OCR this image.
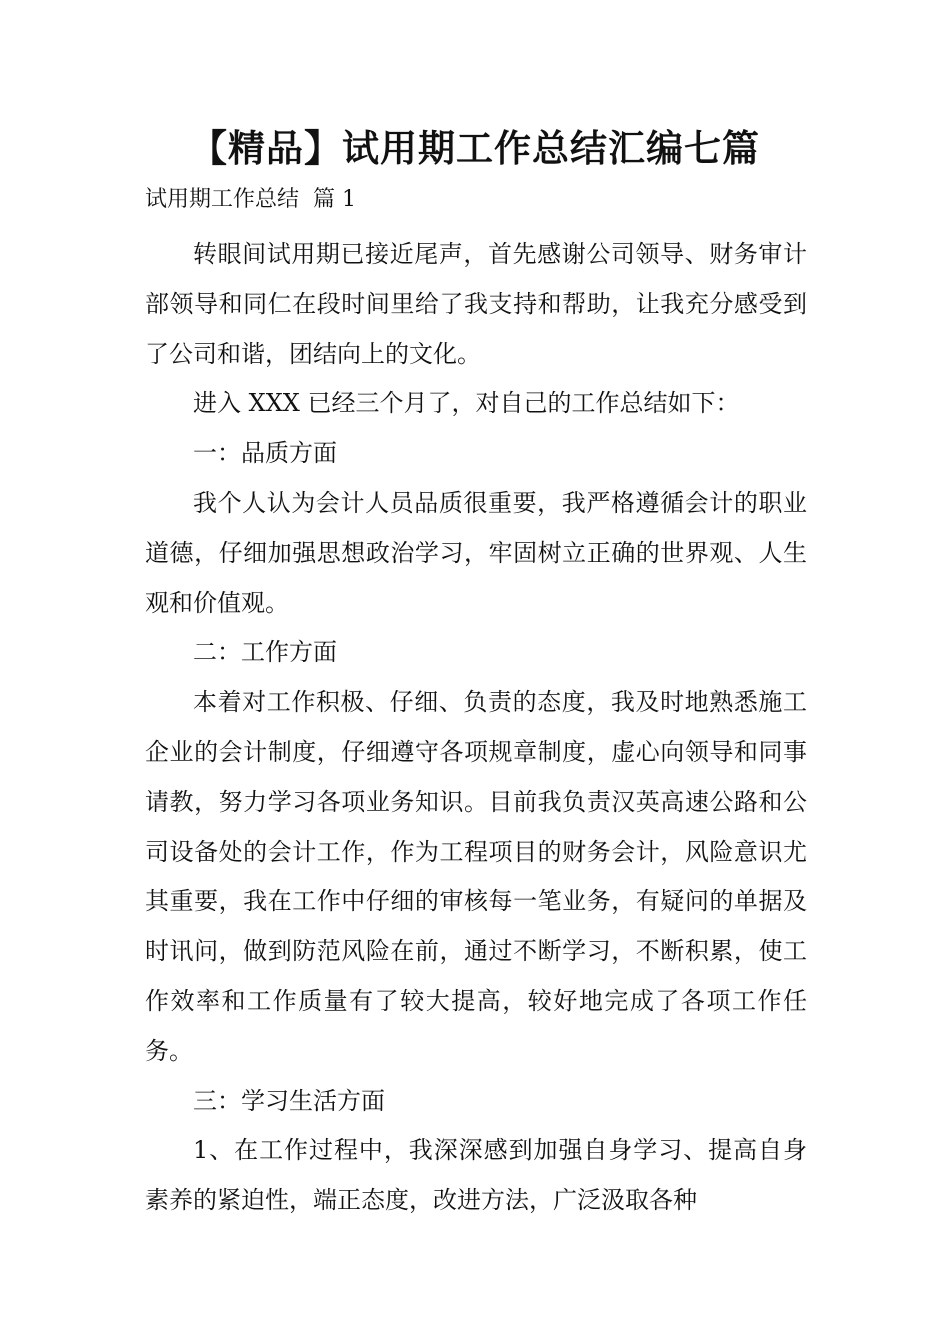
【精品】试用期工作总结汇编七篇
试用期工作总结  篇 1

转眼间试用期已接近尾声，首先感谢公司领导、财务审计部领导和同仁在段时间里给了我支持和帮助，让我充分感受到了公司和谐，团结向上的文化。

进入 XXX 已经三个月了，对自己的工作总结如下：

一：品质方面

我个人认为会计人员品质很重要，我严格遵循会计的职业道德，仔细加强思想政治学习，牢固树立正确的世界观、人生观和价值观。

二：工作方面

本着对工作积极、仔细、负责的态度，我及时地熟悉施工企业的会计制度，仔细遵守各项规章制度，虚心向领导和同事请教，努力学习各项业务知识。目前我负责汉英高速公路和公司设备处的会计工作，作为工程项目的财务会计，风险意识尤其重要，我在工作中仔细的审核每一笔业务，有疑问的单据及时讯问，做到防范风险在前，通过不断学习，不断积累，使工作效率和工作质量有了较大提高，较好地完成了各项工作任务。

三：学习生活方面

1、在工作过程中，我深深感到加强自身学习、提高自身素养的紧迫性，端正态度，改进方法，广泛汲取各种
